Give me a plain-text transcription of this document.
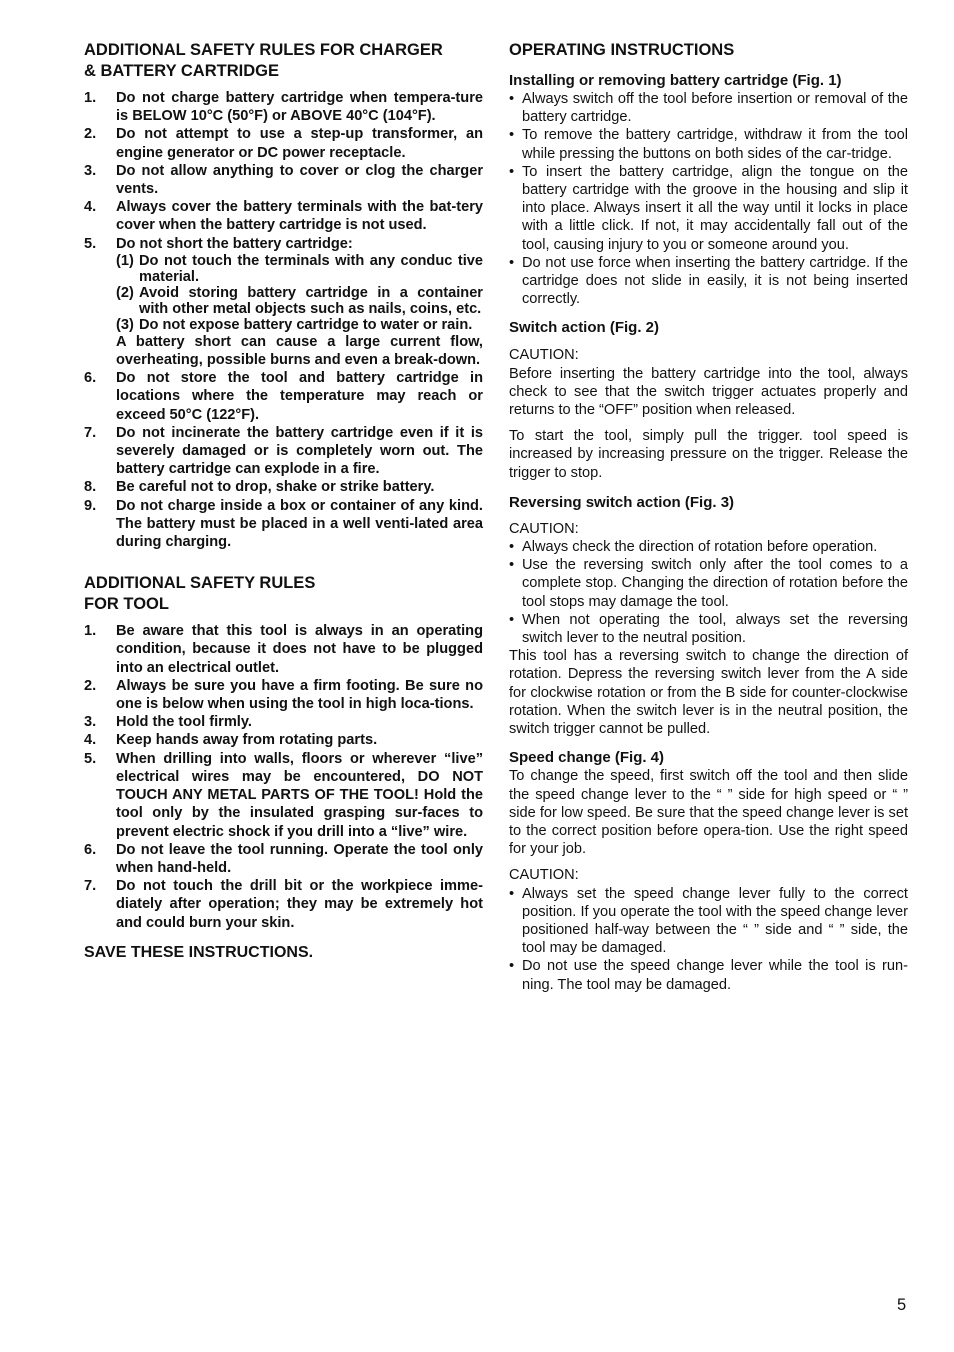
ADDITIONAL SAFETY RULES FOR CHARGER
& BATTERY CARTRIDGE
1. Do not charge battery cartridge when tempera-ture is BELOW 10°C (50°F) or ABOVE 40°C (104°F).
2. Do not attempt to use a step-up transformer, an engine generator or DC power receptacle.
3. Do not allow anything to cover or clog the charger vents.
4. Always cover the battery terminals with the bat-tery cover when the battery cartridge is not used.
5. Do not short the battery cartridge:
(1) Do not touch the terminals with any conduc tive material.
(2) Avoid storing battery cartridge in a container with other metal objects such as nails, coins, etc.
(3) Do not expose battery cartridge to water or rain.

A battery short can cause a large current flow, overheating, possible burns and even a break-down.

6. Do not store the tool and battery cartridge in locations where the temperature may reach or exceed 50°C (122°F).
7. Do not incinerate the battery cartridge even if it is severely damaged or is completely worn out. The battery cartridge can explode in a fire.
8. Be careful not to drop, shake or strike battery.
9. Do not charge inside a box or container of any kind. The battery must be placed in a well venti-lated area during charging.
ADDITIONAL SAFETY RULES
FOR TOOL
1. Be aware that this tool is always in an operating condition, because it does not have to be plugged into an electrical outlet.
2. Always be sure you have a firm footing. Be sure no one is below when using the tool in high loca-tions.
3. Hold the tool firmly.
4. Keep hands away from rotating parts.
5. When drilling into walls, floors or wherever “live” electrical wires may be encountered, DO NOT TOUCH ANY METAL PARTS OF THE TOOL! Hold the tool only by the insulated grasping sur-faces to prevent electric shock if you drill into a “live” wire.
6. Do not leave the tool running. Operate the tool only when hand-held.
7. Do not touch the drill bit or the workpiece imme-diately after operation; they may be extremely hot and could burn your skin.
SAVE THESE INSTRUCTIONS.
OPERATING INSTRUCTIONS
Installing or removing battery cartridge (Fig. 1)
• Always switch off the tool before insertion or removal of the battery cartridge.
• To remove the battery cartridge, withdraw it from the tool while pressing the buttons on both sides of the car-tridge.
• To insert the battery cartridge, align the tongue on the battery cartridge with the groove in the housing and slip it into place. Always insert it all the way until it locks in place with a little click. If not, it may accidentally fall out of the tool, causing injury to you or someone around you.
• Do not use force when inserting the battery cartridge. If the cartridge does not slide in easily, it is not being inserted correctly.
Switch action (Fig. 2)

CAUTION:

Before inserting the battery cartridge into the tool, always check to see that the switch trigger actuates properly and returns to the “OFF” position when released.

To start the tool, simply pull the trigger. tool speed is increased by increasing pressure on the trigger. Release the trigger to stop.

Reversing switch action (Fig. 3)

CAUTION:

• Always check the direction of rotation before operation.
• Use the reversing switch only after the tool comes to a complete stop. Changing the direction of rotation before the tool stops may damage the tool.
• When not operating the tool, always set the reversing switch lever to the neutral position.

This tool has a reversing switch to change the direction of rotation. Depress the reversing switch lever from the A side for clockwise rotation or from the B side for counter-clockwise rotation. When the switch lever is in the neutral position, the switch trigger cannot be pulled.

Speed change (Fig. 4)

To change the speed, first switch off the tool and then slide the speed change lever to the “ ” side for high speed or “ ” side for low speed. Be sure that the speed change lever is set to the correct position before opera-tion. Use the right speed for your job.

CAUTION:

• Always set the speed change lever fully to the correct position. If you operate the tool with the speed change lever positioned half-way between the “ ” side and “ ” side, the tool may be damaged.
• Do not use the speed change lever while the tool is run-ning. The tool may be damaged.
5
